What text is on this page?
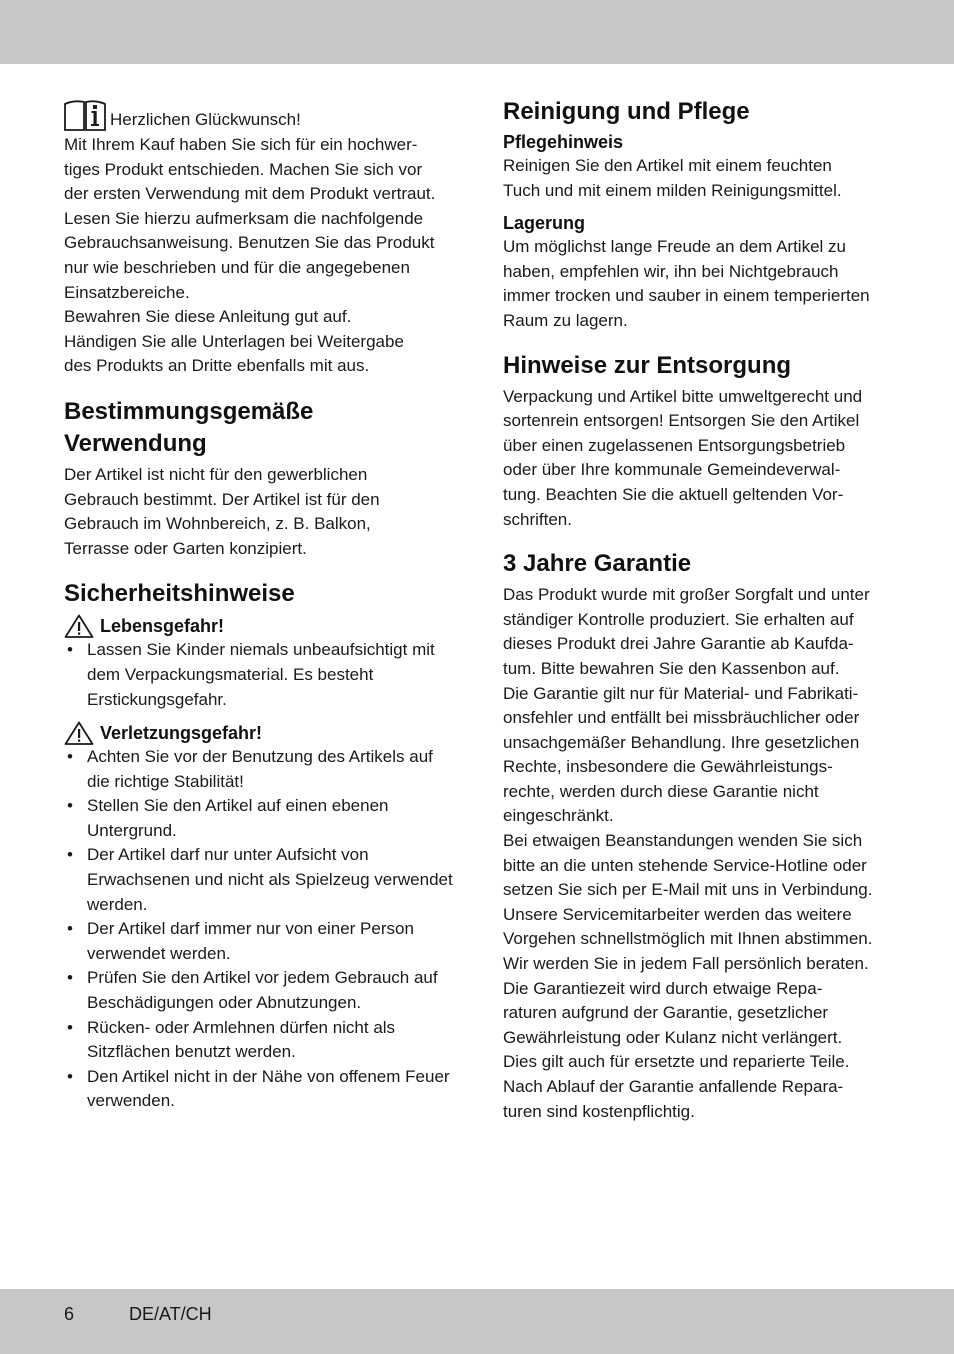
Herzlichen Glückwunsch!

Mit Ihrem Kauf haben Sie sich für ein hochwer-
tiges Produkt entschieden. Machen Sie sich vor
der ersten Verwendung mit dem Produkt vertraut.
Lesen Sie hierzu aufmerksam die nachfolgende
Gebrauchsanweisung. Benutzen Sie das Produkt
nur wie beschrieben und für die angegebenen
Einsatzbereiche.
Bewahren Sie diese Anleitung gut auf.
Händigen Sie alle Unterlagen bei Weitergabe
des Produkts an Dritte ebenfalls mit aus.

Bestimmungsgemäße
Verwendung

Der Artikel ist nicht für den gewerblichen
Gebrauch bestimmt. Der Artikel ist für den
Gebrauch im Wohnbereich, z. B. Balkon,
Terrasse oder Garten konzipiert.

Sicherheitshinweise
Lebensgefahr!
• Lassen Sie Kinder niemals unbeaufsichtigt mit dem Verpackungsmaterial. Es besteht Erstickungsgefahr.
Verletzungsgefahr!
• Achten Sie vor der Benutzung des Artikels auf die richtige Stabilität!
• Stellen Sie den Artikel auf einen ebenen Untergrund.
• Der Artikel darf nur unter Aufsicht von Erwachsenen und nicht als Spielzeug verwendet werden.
• Der Artikel darf immer nur von einer Person verwendet werden.
• Prüfen Sie den Artikel vor jedem Gebrauch auf Beschädigungen oder Abnutzungen.
• Rücken- oder Armlehnen dürfen nicht als Sitzflächen benutzt werden.
• Den Artikel nicht in der Nähe von offenem Feuer verwenden.
Reinigung und Pflege
Pflegehinweis

Reinigen Sie den Artikel mit einem feuchten
Tuch und mit einem milden Reinigungsmittel.

Lagerung

Um möglichst lange Freude an dem Artikel zu
haben, empfehlen wir, ihn bei Nichtgebrauch
immer trocken und sauber in einem temperierten
Raum zu lagern.

Hinweise zur Entsorgung

Verpackung und Artikel bitte umweltgerecht und
sortenrein entsorgen! Entsorgen Sie den Artikel
über einen zugelassenen Entsorgungsbetrieb
oder über Ihre kommunale Gemeindeverwal-
tung. Beachten Sie die aktuell geltenden Vor-
schriften.

3 Jahre Garantie

Das Produkt wurde mit großer Sorgfalt und unter
ständiger Kontrolle produziert. Sie erhalten auf
dieses Produkt drei Jahre Garantie ab Kaufda-
tum. Bitte bewahren Sie den Kassenbon auf.
Die Garantie gilt nur für Material- und Fabrikati-
onsfehler und entfällt bei missbräuchlicher oder
unsachgemäßer Behandlung. Ihre gesetzlichen
Rechte, insbesondere die Gewährleistungs-
rechte, werden durch diese Garantie nicht
eingeschränkt.
Bei etwaigen Beanstandungen wenden Sie sich
bitte an die unten stehende Service-Hotline oder
setzen Sie sich per E-Mail mit uns in Verbindung.
Unsere Servicemitarbeiter werden das weitere
Vorgehen schnellstmöglich mit Ihnen abstimmen.
Wir werden Sie in jedem Fall persönlich beraten.
Die Garantiezeit wird durch etwaige Repa-
raturen aufgrund der Garantie, gesetzlicher
Gewährleistung oder Kulanz nicht verlängert.
Dies gilt auch für ersetzte und reparierte Teile.
Nach Ablauf der Garantie anfallende Repara-
turen sind kostenpflichtig.

6	DE/AT/CH
